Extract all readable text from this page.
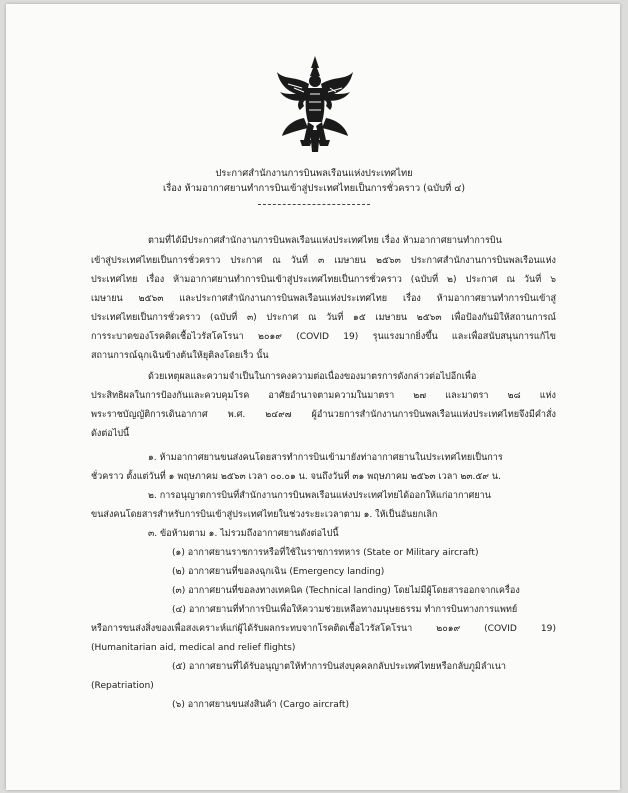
ประกาศสำนักงานการบินพลเรือนแห่งประเทศไทย
เรื่อง ห้ามอากาศยานทำการบินเข้าสู่ประเทศไทยเป็นการชั่วคราว (ฉบับที่ ๔)
ตามที่ได้มีประกาศสำนักงานการบินพลเรือนแห่งประเทศไทย เรื่อง ห้ามอากาศยานทำการบิน
เข้าสู่ประเทศไทยเป็นการชั่วคราว ประกาศ ณ วันที่ ๓ เมษายน ๒๕๖๓ ประกาศสำนักงานการบินพลเรือนแห่ง
ประเทศไทย เรื่อง ห้ามอากาศยานทำการบินเข้าสู่ประเทศไทยเป็นการชั่วคราว (ฉบับที่ ๒) ประกาศ ณ วันที่ ๖
เมษายน ๒๕๖๓ และประกาศสำนักงานการบินพลเรือนแห่งประเทศไทย เรื่อง ห้ามอากาศยานทำการบินเข้าสู่
ประเทศไทยเป็นการชั่วคราว (ฉบับที่ ๓) ประกาศ ณ วันที่ ๑๕ เมษายน ๒๕๖๓ เพื่อป้องกันมิให้สถานการณ์
การระบาดของโรคติดเชื้อไวรัสโคโรนา ๒๐๑๙ (COVID 19) รุนแรงมากยิ่งขึ้น และเพื่อสนับสนุนการแก้ไข
สถานการณ์ฉุกเฉินข้างต้นให้ยุติลงโดยเร็ว นั้น
ด้วยเหตุผลและความจำเป็นในการคงความต่อเนื่องของมาตรการดังกล่าวต่อไปอีกเพื่อ
ประสิทธิผลในการป้องกันและควบคุมโรค อาศัยอำนาจตามความในมาตรา ๒๗ และมาตรา ๒๘ แห่ง
พระราชบัญญัติการเดินอากาศ พ.ศ. ๒๔๙๗ ผู้อำนวยการสำนักงานการบินพลเรือนแห่งประเทศไทยจึงมีคำสั่ง
ดังต่อไปนี้
๑. ห้ามอากาศยานขนส่งคนโดยสารทำการบินเข้ามายังท่าอากาศยานในประเทศไทยเป็นการ
ชั่วคราว ตั้งแต่วันที่ ๑ พฤษภาคม ๒๕๖๓ เวลา ๐๐.๐๑ น. จนถึงวันที่ ๓๑ พฤษภาคม ๒๕๖๓ เวลา ๒๓.๕๙ น.
๒. การอนุญาตการบินที่สำนักงานการบินพลเรือนแห่งประเทศไทยได้ออกให้แก่อากาศยาน
ขนส่งคนโดยสารสำหรับการบินเข้าสู่ประเทศไทยในช่วงระยะเวลาตาม ๑. ให้เป็นอันยกเลิก
๓. ข้อห้ามตาม ๑. ไม่รวมถึงอากาศยานดังต่อไปนี้
(๑) อากาศยานราชการหรือที่ใช้ในราชการทหาร (State or Military aircraft)
(๒) อากาศยานที่ขอลงฉุกเฉิน (Emergency landing)
(๓) อากาศยานที่ขอลงทางเทคนิค (Technical landing) โดยไม่มีผู้โดยสารออกจากเครื่อง
(๔) อากาศยานที่ทำการบินเพื่อให้ความช่วยเหลือทางมนุษยธรรม ทำการบินทางการแพทย์
หรือการขนส่งสิ่งของเพื่อสงเคราะห์แก่ผู้ได้รับผลกระทบจากโรคติดเชื้อไวรัสโคโรนา ๒๐๑๙ (COVID 19)
(Humanitarian aid, medical and relief flights)
(๕) อากาศยานที่ได้รับอนุญาตให้ทำการบินส่งบุคคลกลับประเทศไทยหรือกลับภูมิลำเนา
(Repatriation)
(๖) อากาศยานขนส่งสินค้า (Cargo aircraft)
